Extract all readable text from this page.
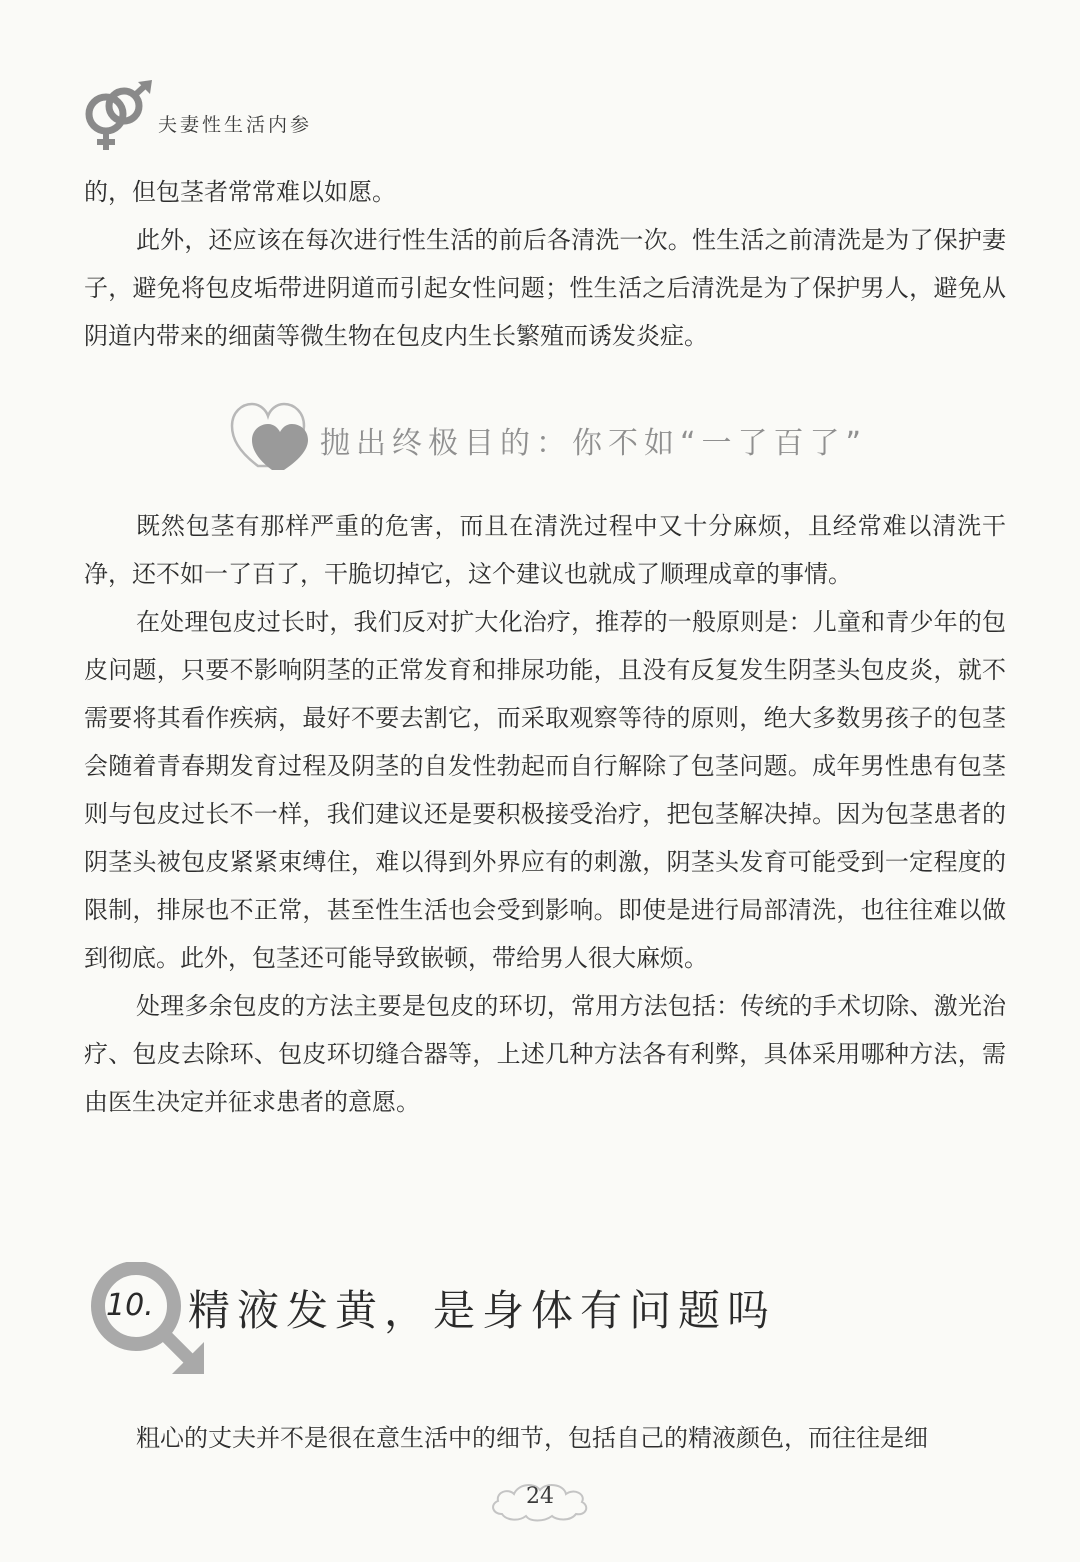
夫妻性生活内参

的，但包茎者常常难以如愿。

此外，还应该在每次进行性生活的前后各清洗一次。性生活之前清洗是为了保护妻子，避免将包皮垢带进阴道而引起女性问题；性生活之后清洗是为了保护男人，避免从阴道内带来的细菌等微生物在包皮内生长繁殖而诱发炎症。

抛出终极目的：你不如“一了百了”

既然包茎有那样严重的危害，而且在清洗过程中又十分麻烦，且经常难以清洗干净，还不如一了百了，干脆切掉它，这个建议也就成了顺理成章的事情。

在处理包皮过长时，我们反对扩大化治疗，推荐的一般原则是：儿童和青少年的包皮问题，只要不影响阴茎的正常发育和排尿功能，且没有反复发生阴茎头包皮炎，就不需要将其看作疾病，最好不要去割它，而采取观察等待的原则，绝大多数男孩子的包茎会随着青春期发育过程及阴茎的自发性勃起而自行解除了包茎问题。成年男性患有包茎则与包皮过长不一样，我们建议还是要积极接受治疗，把包茎解决掉。因为包茎患者的阴茎头被包皮紧紧束缚住，难以得到外界应有的刺激，阴茎头发育可能受到一定程度的限制，排尿也不正常，甚至性生活也会受到影响。即使是进行局部清洗，也往往难以做到彻底。此外，包茎还可能导致嵌顿，带给男人很大麻烦。

处理多余包皮的方法主要是包皮的环切，常用方法包括：传统的手术切除、激光治疗、包皮去除环、包皮环切缝合器等，上述几种方法各有利弊，具体采用哪种方法，需由医生决定并征求患者的意愿。

10. 精液发黄，是身体有问题吗

粗心的丈夫并不是很在意生活中的细节，包括自己的精液颜色，而往往是细

24
